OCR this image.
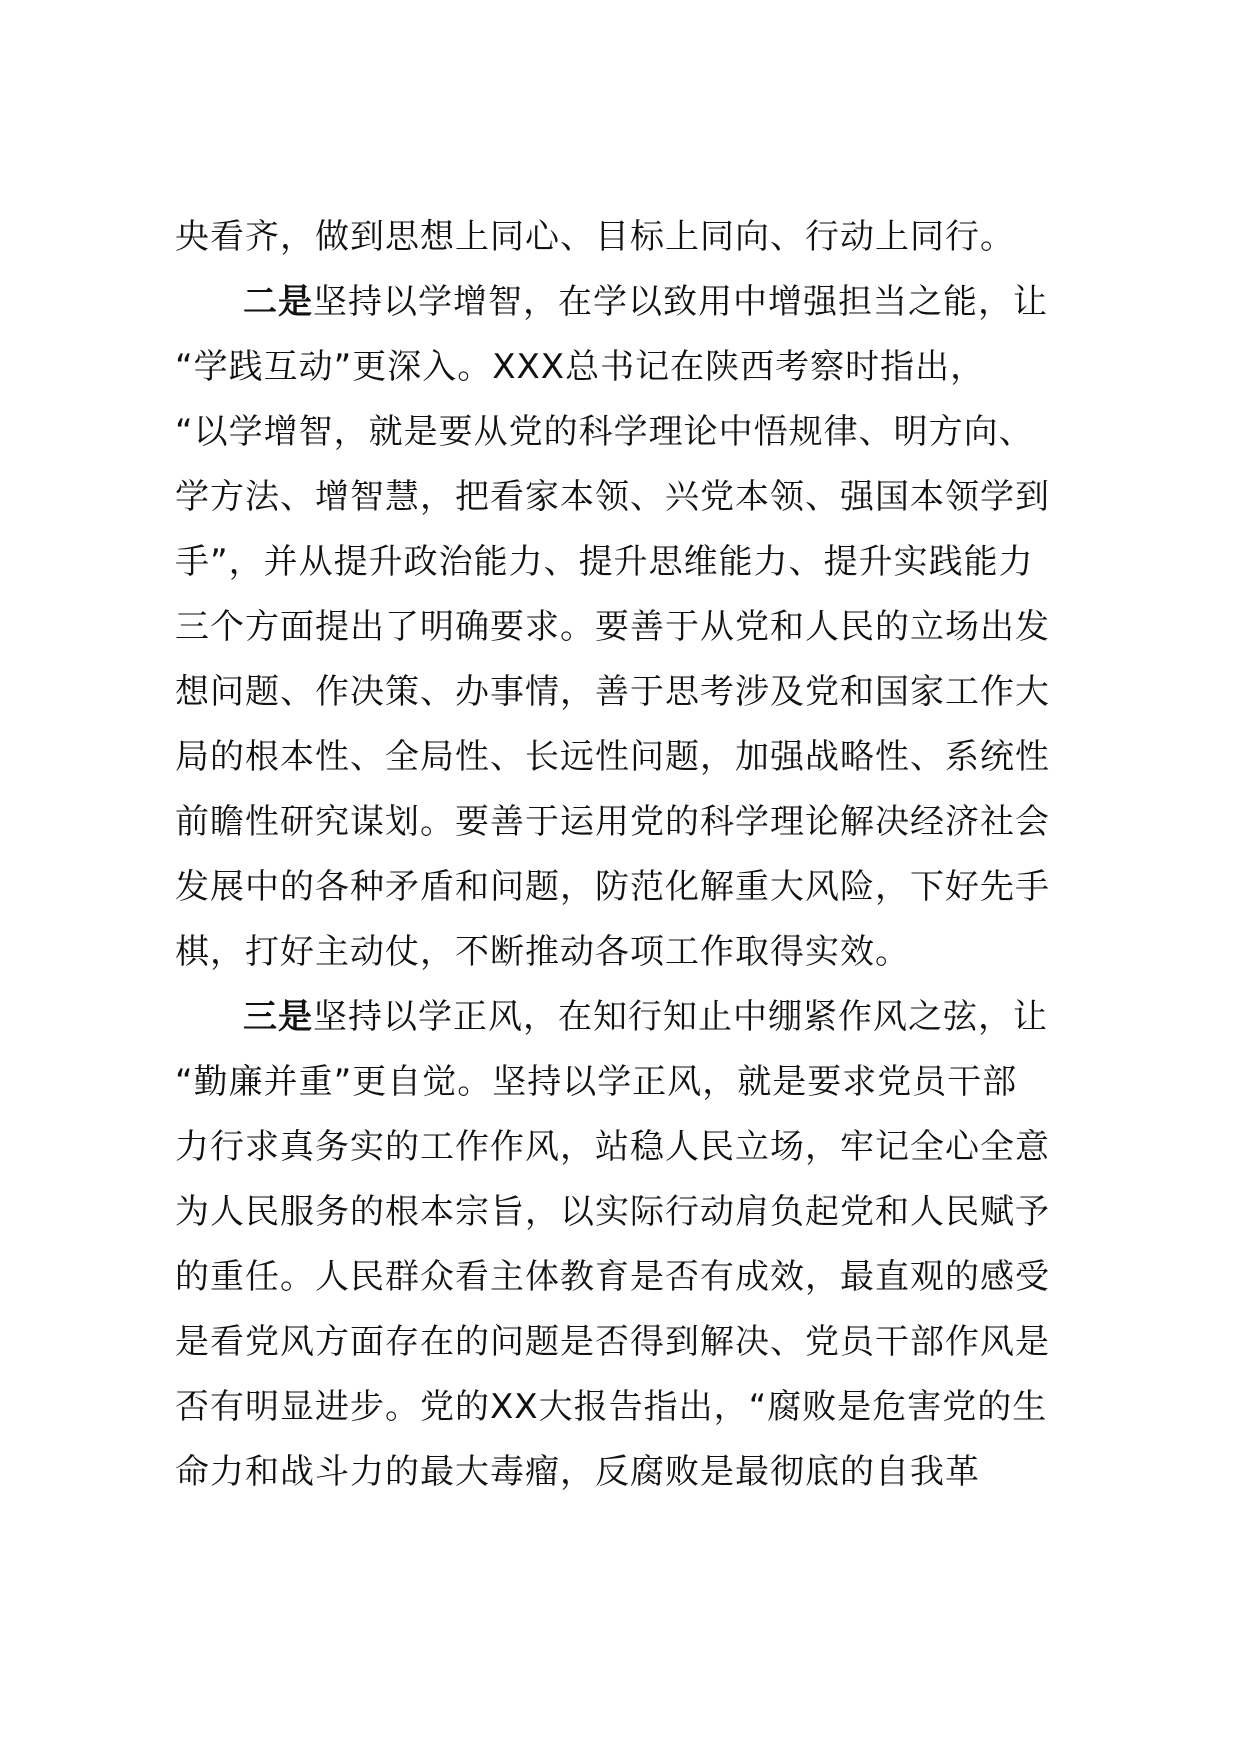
央看齐，做到思想上同心、目标上同向、行动上同行。
二是坚持以学增智，在学以致用中增强担当之能，让
“学践互动”更深入。XXX总书记在陕西考察时指出，
“以学增智，就是要从党的科学理论中悟规律、明方向、
学方法、增智慧，把看家本领、兴党本领、强国本领学到
手”，并从提升政治能力、提升思维能力、提升实践能力
三个方面提出了明确要求。要善于从党和人民的立场出发
想问题、作决策、办事情，善于思考涉及党和国家工作大
局的根本性、全局性、长远性问题，加强战略性、系统性
前瞻性研究谋划。要善于运用党的科学理论解决经济社会
发展中的各种矛盾和问题，防范化解重大风险，下好先手
棋，打好主动仗，不断推动各项工作取得实效。
三是坚持以学正风，在知行知止中绷紧作风之弦，让
“勤廉并重”更自觉。坚持以学正风，就是要求党员干部
力行求真务实的工作作风，站稳人民立场，牢记全心全意
为人民服务的根本宗旨，以实际行动肩负起党和人民赋予
的重任。人民群众看主体教育是否有成效，最直观的感受
是看党风方面存在的问题是否得到解决、党员干部作风是
否有明显进步。党的XX大报告指出，“腐败是危害党的生
命力和战斗力的最大毒瘤，反腐败是最彻底的自我革
